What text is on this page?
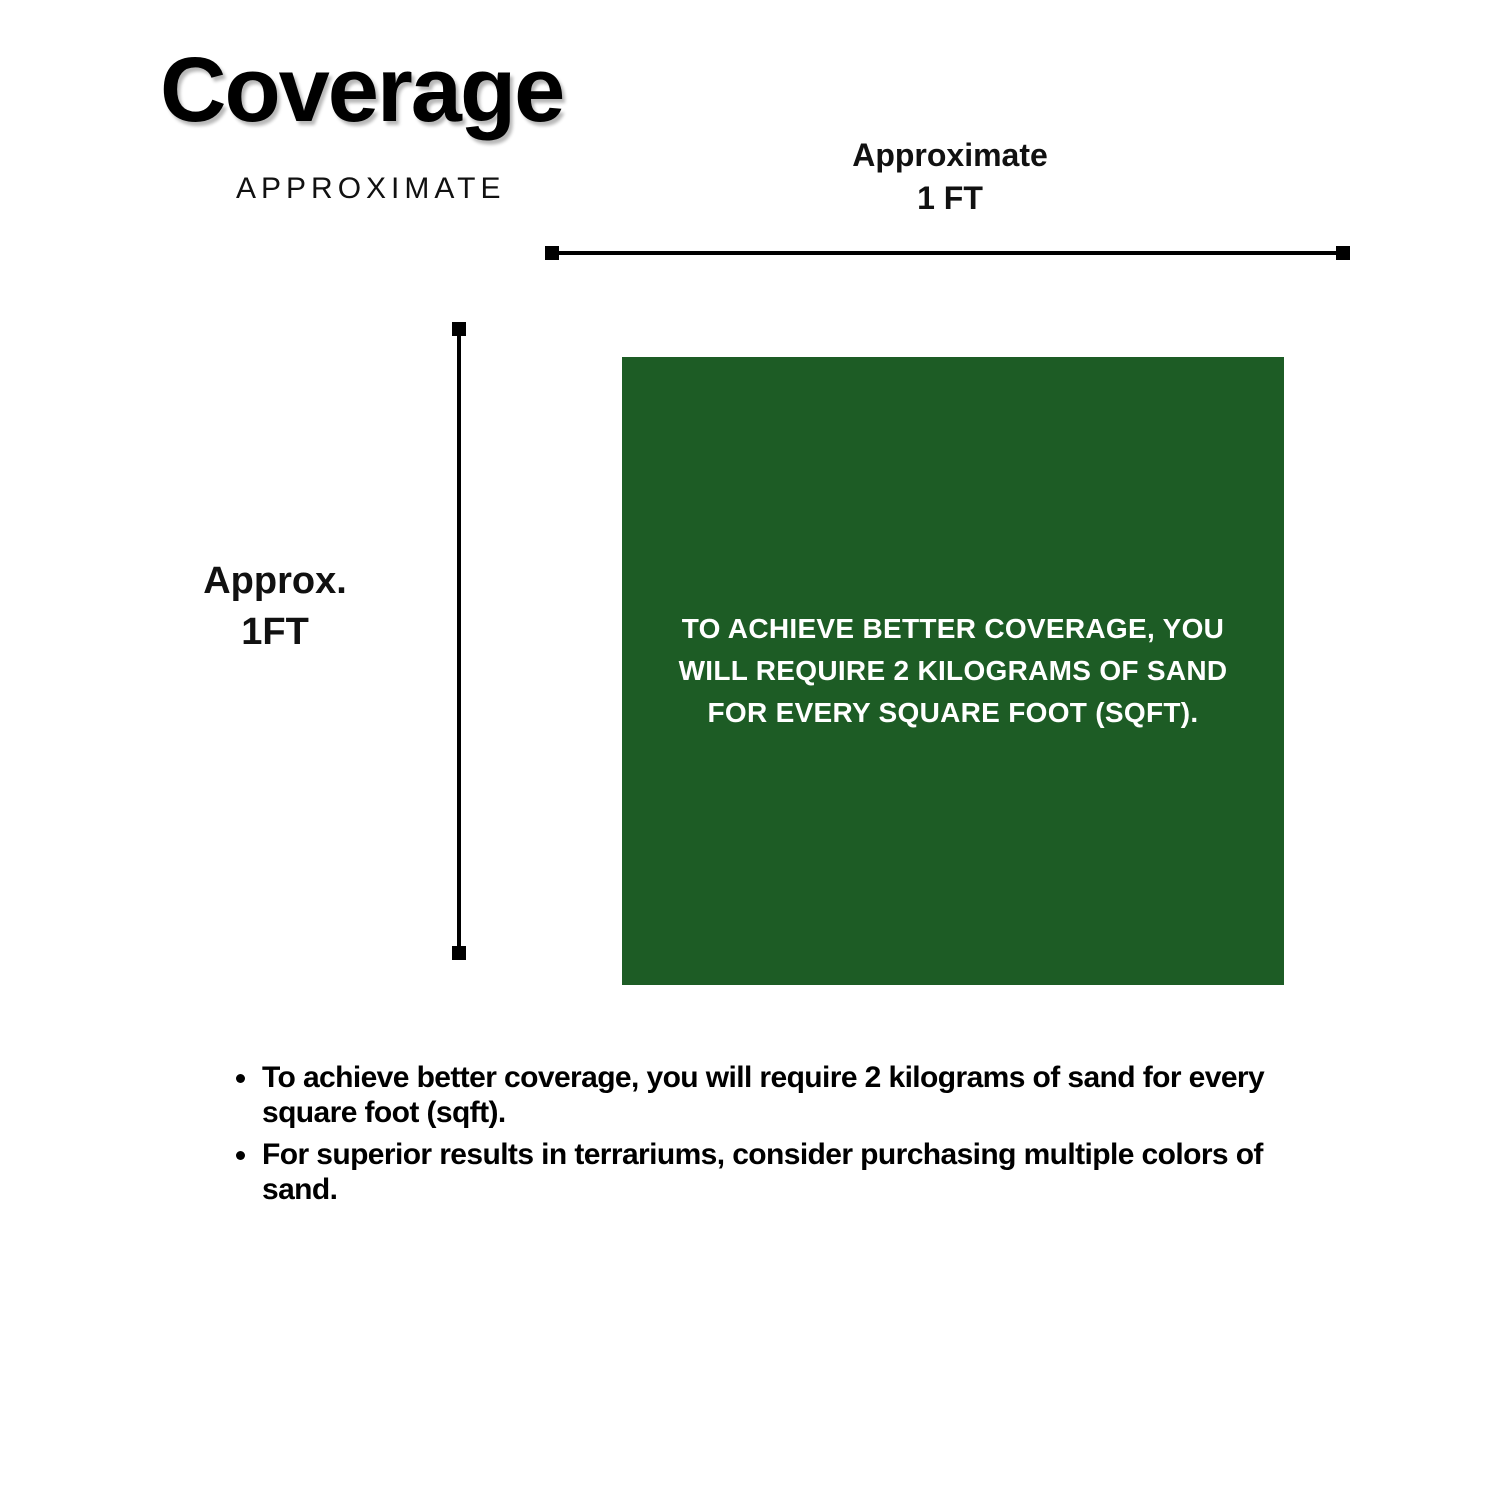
Coverage
APPROXIMATE
Approximate
1 FT
Approx.
1FT	TO ACHIEVE BETTER COVERAGE, YOU WILL REQUIRE 2 KILOGRAMS OF SAND FOR EVERY SQUARE FOOT (SQFT).
To achieve better coverage, you will require 2 kilograms of sand for every square foot (sqft).
For superior results in terrariums, consider purchasing multiple colors of sand.
